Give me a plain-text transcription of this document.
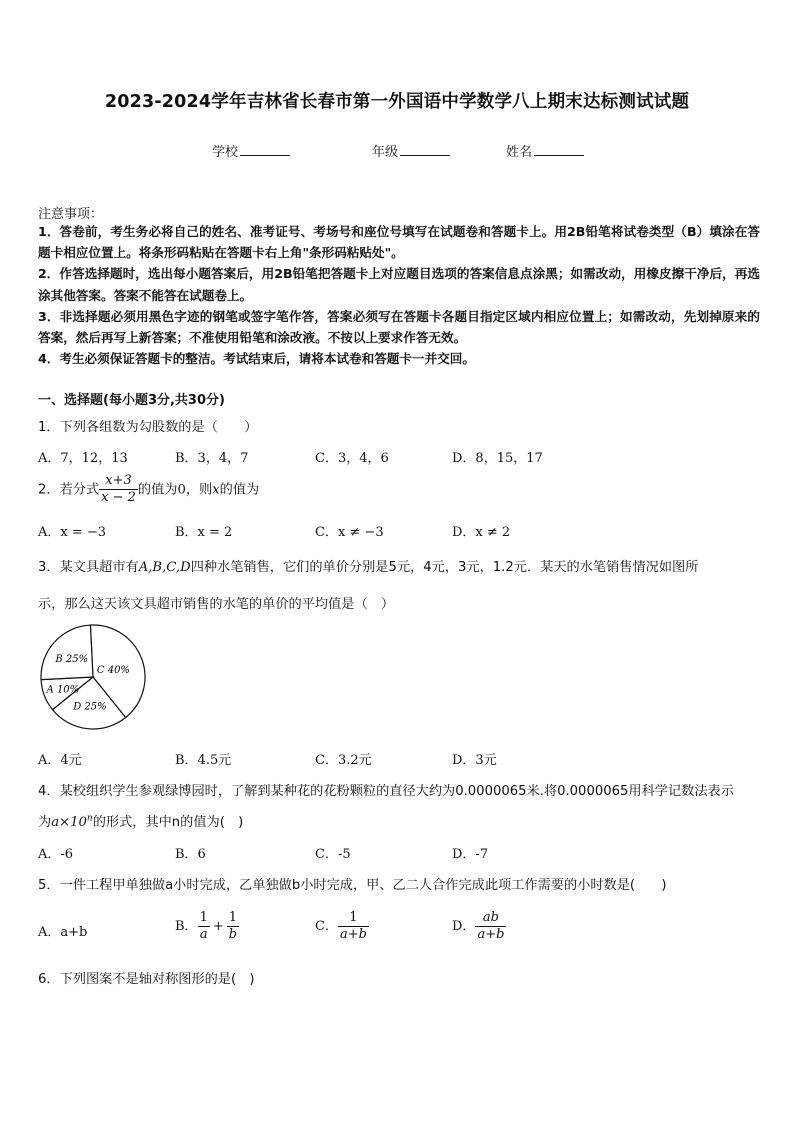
2023-2024学年吉林省长春市第一外国语中学数学八上期末达标测试试题
学校	年级	姓名
注意事项：

1．答卷前，考生务必将自己的姓名、准考证号、考场号和座位号填写在试题卷和答题卡上。用2B铅笔将试卷类型（B）填涂在答题卡相应位置上。将条形码粘贴在答题卡右上角"条形码粘贴处"。

2．作答选择题时，选出每小题答案后，用2B铅笔把答题卡上对应题目选项的答案信息点涂黑；如需改动，用橡皮擦干净后，再选涂其他答案。答案不能答在试题卷上。

3．非选择题必须用黑色字迹的钢笔或签字笔作答，答案必须写在答题卡各题目指定区域内相应位置上；如需改动，先划掉原来的答案，然后再写上新答案；不准使用铅笔和涂改液。不按以上要求作答无效。

4．考生必须保证答题卡的整洁。考试结束后，请将本试卷和答题卡一并交回。

一、选择题(每小题3分,共30分)
1．下列各组数为勾股数的是（　　）
A．7，12，13	B．3，4，7	C．3，4，6	D．8，15，17
2．若分式 $\frac{x+3}{x - 2}$ 的值为0，则x的值为
A．x = −3	B．x = 2	C．x ≠ −3	D．x ≠ 2
3．某文具超市有A,B,C,D四种水笔销售，它们的单价分别是5元，4元，3元，1.2元．某天的水笔销售情况如图所
示，那么这天该文具超市销售的水笔的单价的平均值是（　）
C 40%
D 25%
A 10%
B 25%
A．4元	B．4.5元	C．3.2元	D．3元
4．某校组织学生参观绿博园时，了解到某种花的花粉颗粒的直径大约为0.0000065米.将0.0000065用科学记数法表示
为$a\times 10^n$的形式，其中n的值为(　)
A．-6	B．6	C．-5	D．-7
5．一件工程甲单独做a小时完成，乙单独做b小时完成，甲、乙二人合作完成此项工作需要的小时数是(　　)
A．a+b	B． $\frac{1}{a} + \frac{1}{b}$	C． $\frac{1}{a+b}$	D． $\frac{ab}{a+b}$
6．下列图案不是轴对称图形的是(　)
